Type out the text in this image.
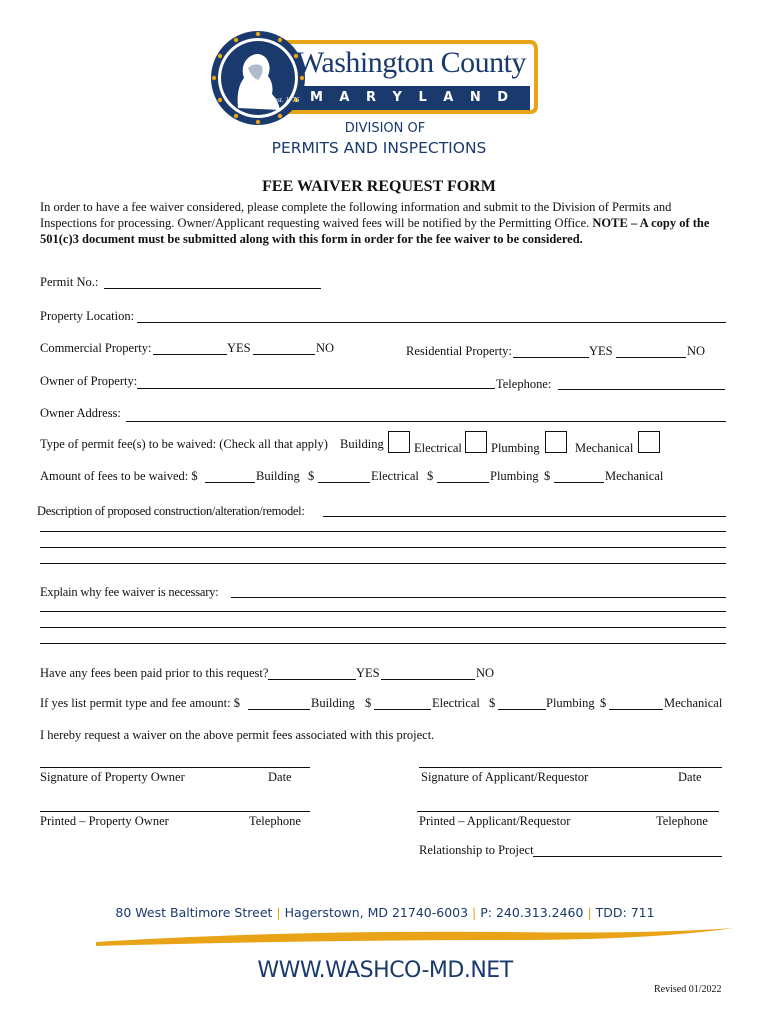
est. 1776
Washington County
M A R Y L A N D
DIVISION OF
PERMITS AND INSPECTIONS
FEE WAIVER REQUEST FORM
In order to have a fee waiver considered, please complete the following information and submit to the Division of Permits and Inspections for processing. Owner/Applicant requesting waived fees will be notified by the Permitting Office. NOTE – A copy of the 501(c)3 document must be submitted along with this form in order for the fee waiver to be considered.
Permit No.:
Property Location:
Commercial Property:	YES	NO	Residential Property:	YES	NO
Owner of Property:	Telephone:
Owner Address:
Type of permit fee(s) to be waived: (Check all that apply) Building Electrical Plumbing	Mechanical
Amount of fees to be waived: $	Building $	Electrical $	Plumbing $	Mechanical
Description of proposed construction/alteration/remodel:
Explain why fee waiver is necessary:
Have any fees been paid prior to this request?	YES	NO
If yes list permit type and fee amount: $	Building $	Electrical $	Plumbing $	Mechanical
I hereby request a waiver on the above permit fees associated with this project.
Signature of Property Owner	Date	Signature of Applicant/Requestor	Date
Printed – Property Owner	Telephone	Printed – Applicant/Requestor	Telephone
Relationship to Project
80 West Baltimore Street | Hagerstown, MD 21740-6003 | P: 240.313.2460 | TDD: 711
WWW.WASHCO-MD.NET
Revised 01/2022
